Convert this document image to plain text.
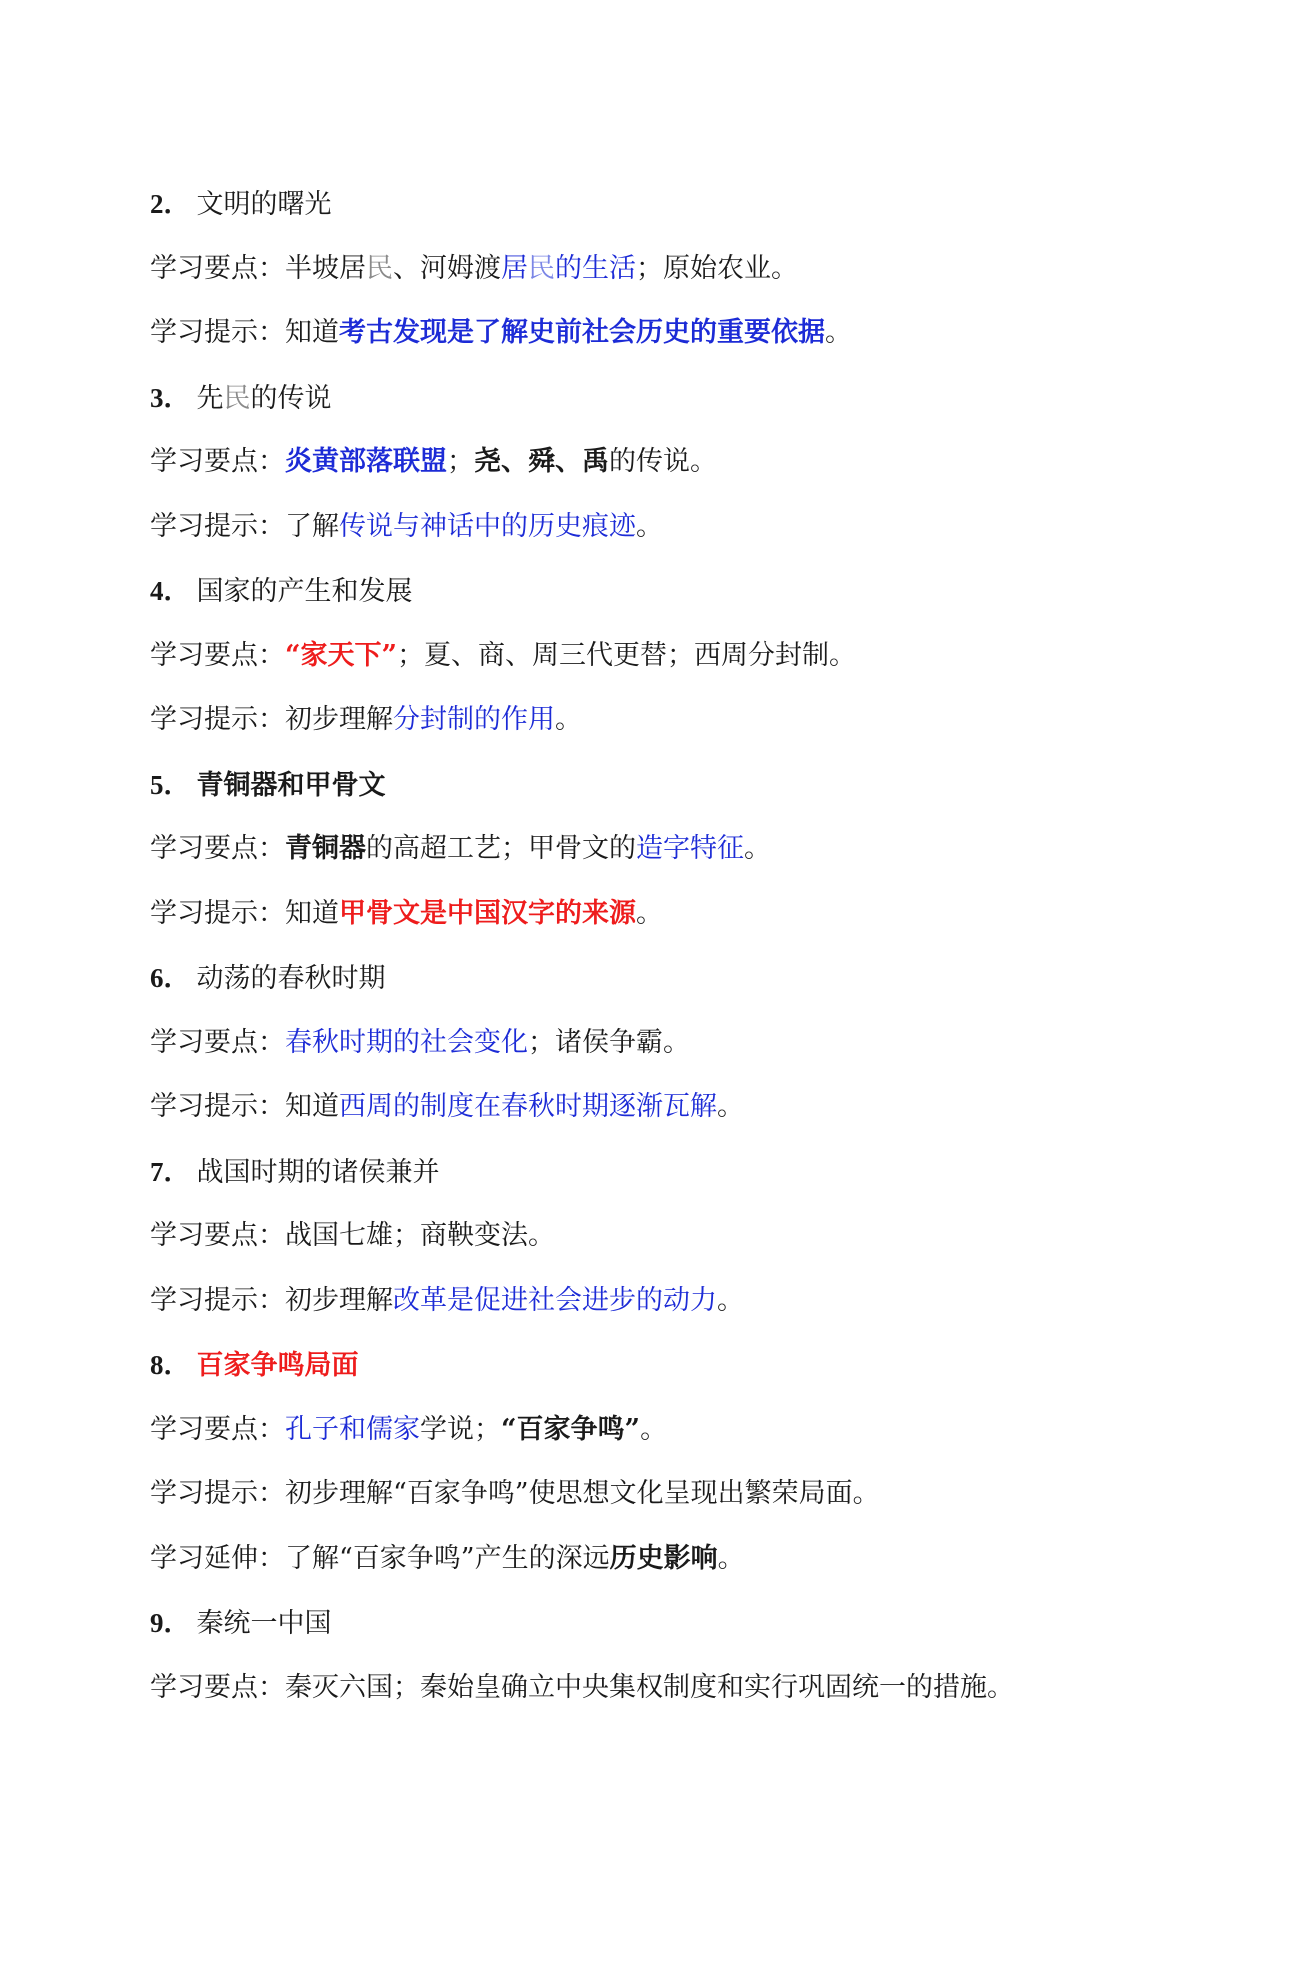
2． 文明的曙光
学习要点：半坡居民、河姆渡居民的生活；原始农业。
学习提示：知道考古发现是了解史前社会历史的重要依据。
3． 先民的传说
学习要点：炎黄部落联盟；尧、舜、禹的传说。
学习提示：了解传说与神话中的历史痕迹。
4． 国家的产生和发展
学习要点：“家天下”；夏、商、周三代更替；西周分封制。
学习提示：初步理解分封制的作用。
5． 青铜器和甲骨文
学习要点：青铜器的高超工艺；甲骨文的造字特征。
学习提示：知道甲骨文是中国汉字的来源。
6． 动荡的春秋时期
学习要点：春秋时期的社会变化；诸侯争霸。
学习提示：知道西周的制度在春秋时期逐渐瓦解。
7． 战国时期的诸侯兼并
学习要点：战国七雄；商鞅变法。
学习提示：初步理解改革是促进社会进步的动力。
8． 百家争鸣局面
学习要点：孔子和儒家学说；“百家争鸣”。
学习提示：初步理解“百家争鸣”使思想文化呈现出繁荣局面。
学习延伸：了解“百家争鸣”产生的深远历史影响。
9． 秦统一中国
学习要点：秦灭六国；秦始皇确立中央集权制度和实行巩固统一的措施。
